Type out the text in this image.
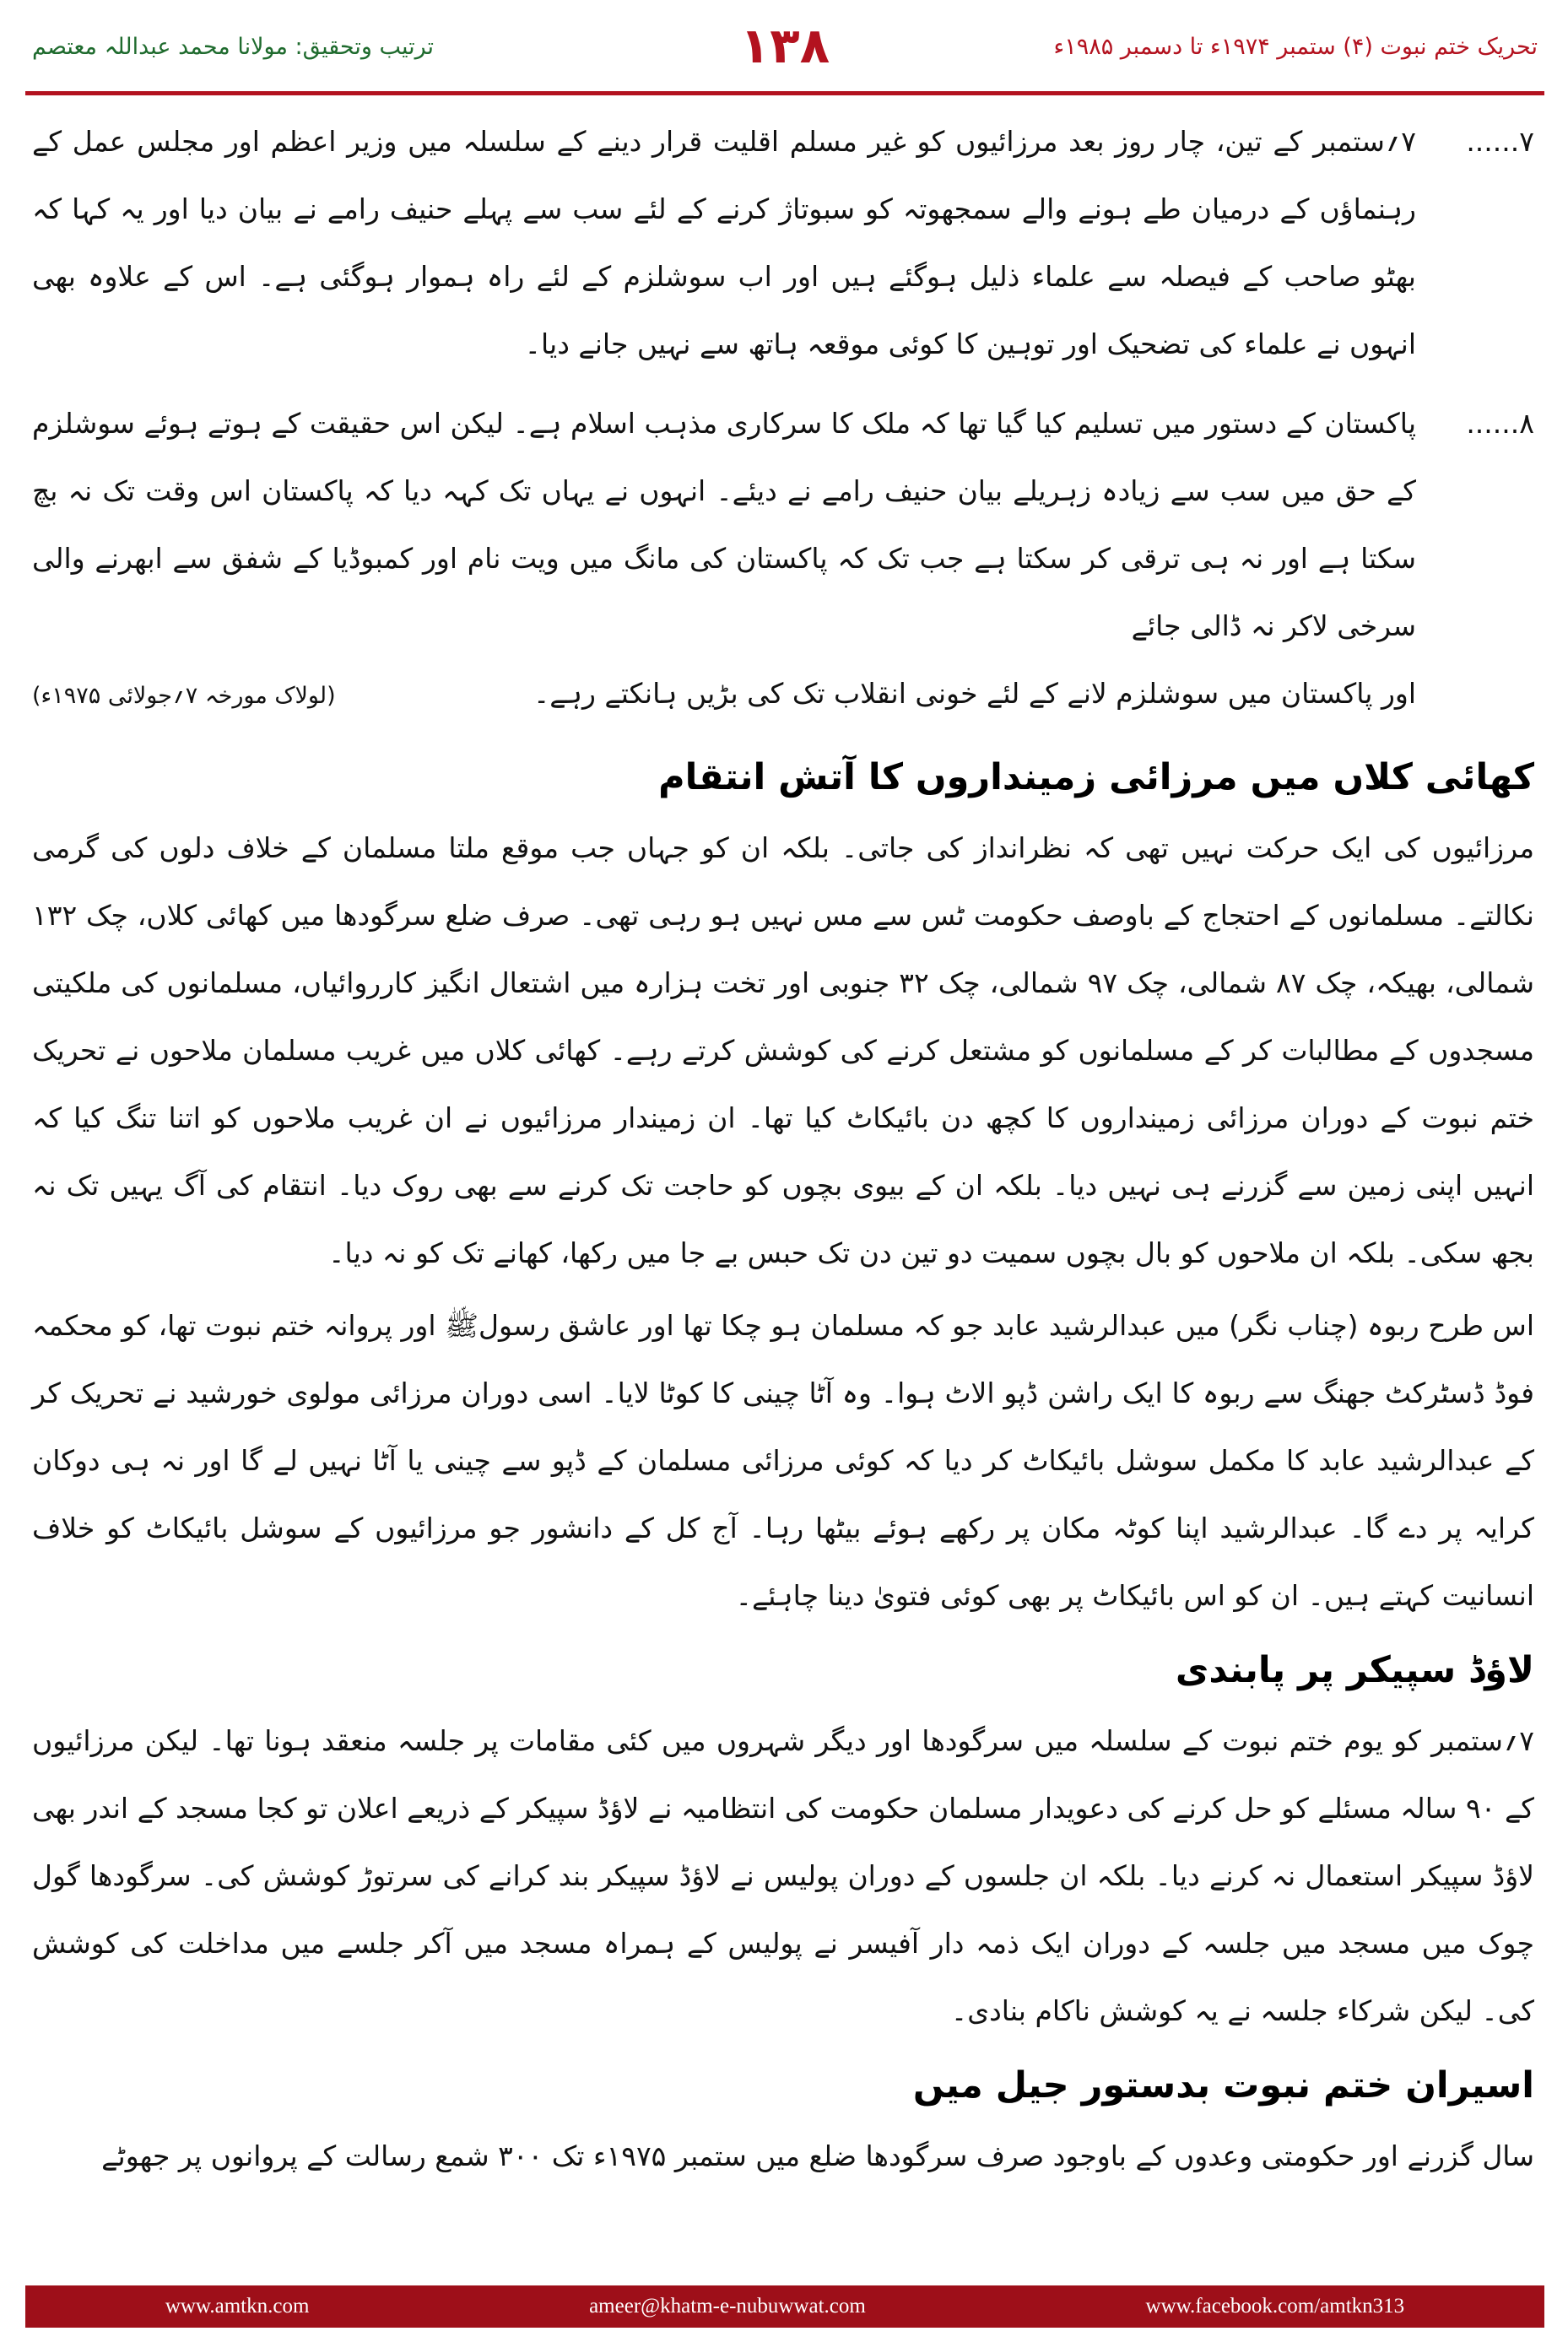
ترتیب وتحقیق: مولانا محمد عبداللہ معتصم	۱۳۸	تحریک ختم نبوت (۴) ستمبر ۱۹۷۴ء تا دسمبر ۱۹۸۵ء
۷......

۷؍ستمبر کے تین، چار روز بعد مرزائیوں کو غیر مسلم اقلیت قرار دینے کے سلسلہ میں وزیر اعظم اور مجلس عمل کے رہنماؤں کے درمیان طے ہونے والے سمجھوتہ کو سبوتاژ کرنے کے لئے سب سے پہلے حنیف رامے نے بیان دیا اور یہ کہا کہ بھٹو صاحب کے فیصلہ سے علماء ذلیل ہوگئے ہیں اور اب سوشلزم کے لئے راہ ہموار ہوگئی ہے۔ اس کے علاوہ بھی انہوں نے علماء کی تضحیک اور توہین کا کوئی موقعہ ہاتھ سے نہیں جانے دیا۔

۸......

پاکستان کے دستور میں تسلیم کیا گیا تھا کہ ملک کا سرکاری مذہب اسلام ہے۔ لیکن اس حقیقت کے ہوتے ہوئے سوشلزم کے حق میں سب سے زیادہ زہریلے بیان حنیف رامے نے دیئے۔ انہوں نے یہاں تک کہہ دیا کہ پاکستان اس وقت تک نہ بچ سکتا ہے اور نہ ہی ترقی کر سکتا ہے جب تک کہ پاکستان کی مانگ میں ویت نام اور کمبوڈیا کے شفق سے ابھرنے والی سرخی لاکر نہ ڈالی جائے

اور پاکستان میں سوشلزم لانے کے لئے خونی انقلاب تک کی بڑیں ہانکتے رہے۔
(لولاک مورخہ ۷؍جولائی ۱۹۷۵ء)
کھائی کلاں میں مرزائی زمینداروں کا آتش انتقام

مرزائیوں کی ایک حرکت نہیں تھی کہ نظرانداز کی جاتی۔ بلکہ ان کو جہاں جب موقع ملتا مسلمان کے خلاف دلوں کی گرمی نکالتے۔ مسلمانوں کے احتجاج کے باوصف حکومت ٹس سے مس نہیں ہو رہی تھی۔ صرف ضلع سرگودھا میں کھائی کلاں، چک ۱۳۲ شمالی، بھیکہ، چک ۸۷ شمالی، چک ۹۷ شمالی، چک ۳۲ جنوبی اور تخت ہزارہ میں اشتعال انگیز کارروائیاں، مسلمانوں کی ملکیتی مسجدوں کے مطالبات کر کے مسلمانوں کو مشتعل کرنے کی کوشش کرتے رہے۔ کھائی کلاں میں غریب مسلمان ملاحوں نے تحریک ختم نبوت کے دوران مرزائی زمینداروں کا کچھ دن بائیکاٹ کیا تھا۔ ان زمیندار مرزائیوں نے ان غریب ملاحوں کو اتنا تنگ کیا کہ انہیں اپنی زمین سے گزرنے ہی نہیں دیا۔ بلکہ ان کے بیوی بچوں کو حاجت تک کرنے سے بھی روک دیا۔ انتقام کی آگ یہیں تک نہ بجھ سکی۔ بلکہ ان ملاحوں کو بال بچوں سمیت دو تین دن تک حبس بے جا میں رکھا، کھانے تک کو نہ دیا۔

اس طرح ربوہ (چناب نگر) میں عبدالرشید عابد جو کہ مسلمان ہو چکا تھا اور عاشق رسولﷺ اور پروانہ ختم نبوت تھا، کو محکمہ فوڈ ڈسٹرکٹ جھنگ سے ربوہ کا ایک راشن ڈپو الاٹ ہوا۔ وہ آٹا چینی کا کوٹا لایا۔ اسی دوران مرزائی مولوی خورشید نے تحریک کر کے عبدالرشید عابد کا مکمل سوشل بائیکاٹ کر دیا کہ کوئی مرزائی مسلمان کے ڈپو سے چینی یا آٹا نہیں لے گا اور نہ ہی دوکان کرایہ پر دے گا۔ عبدالرشید اپنا کوٹہ مکان پر رکھے ہوئے بیٹھا رہا۔ آج کل کے دانشور جو مرزائیوں کے سوشل بائیکاٹ کو خلاف انسانیت کہتے ہیں۔ ان کو اس بائیکاٹ پر بھی کوئی فتویٰ دینا چاہئے۔

لاؤڈ سپیکر پر پابندی

۷؍ستمبر کو یوم ختم نبوت کے سلسلہ میں سرگودھا اور دیگر شہروں میں کئی مقامات پر جلسہ منعقد ہونا تھا۔ لیکن مرزائیوں کے ۹۰ سالہ مسئلے کو حل کرنے کی دعویدار مسلمان حکومت کی انتظامیہ نے لاؤڈ سپیکر کے ذریعے اعلان تو کجا مسجد کے اندر بھی لاؤڈ سپیکر استعمال نہ کرنے دیا۔ بلکہ ان جلسوں کے دوران پولیس نے لاؤڈ سپیکر بند کرانے کی سرتوڑ کوشش کی۔ سرگودھا گول چوک میں مسجد میں جلسہ کے دوران ایک ذمہ دار آفیسر نے پولیس کے ہمراہ مسجد میں آکر جلسے میں مداخلت کی کوشش کی۔ لیکن شرکاء جلسہ نے یہ کوشش ناکام بنادی۔

اسیران ختم نبوت بدستور جیل میں

سال گزرنے اور حکومتی وعدوں کے باوجود صرف سرگودھا ضلع میں ستمبر ۱۹۷۵ء تک ۳۰۰ شمع رسالت کے پروانوں پر جھوٹے

www.amtkn.com	ameer@khatm-e-nubuwwat.com	www.facebook.com/amtkn313
